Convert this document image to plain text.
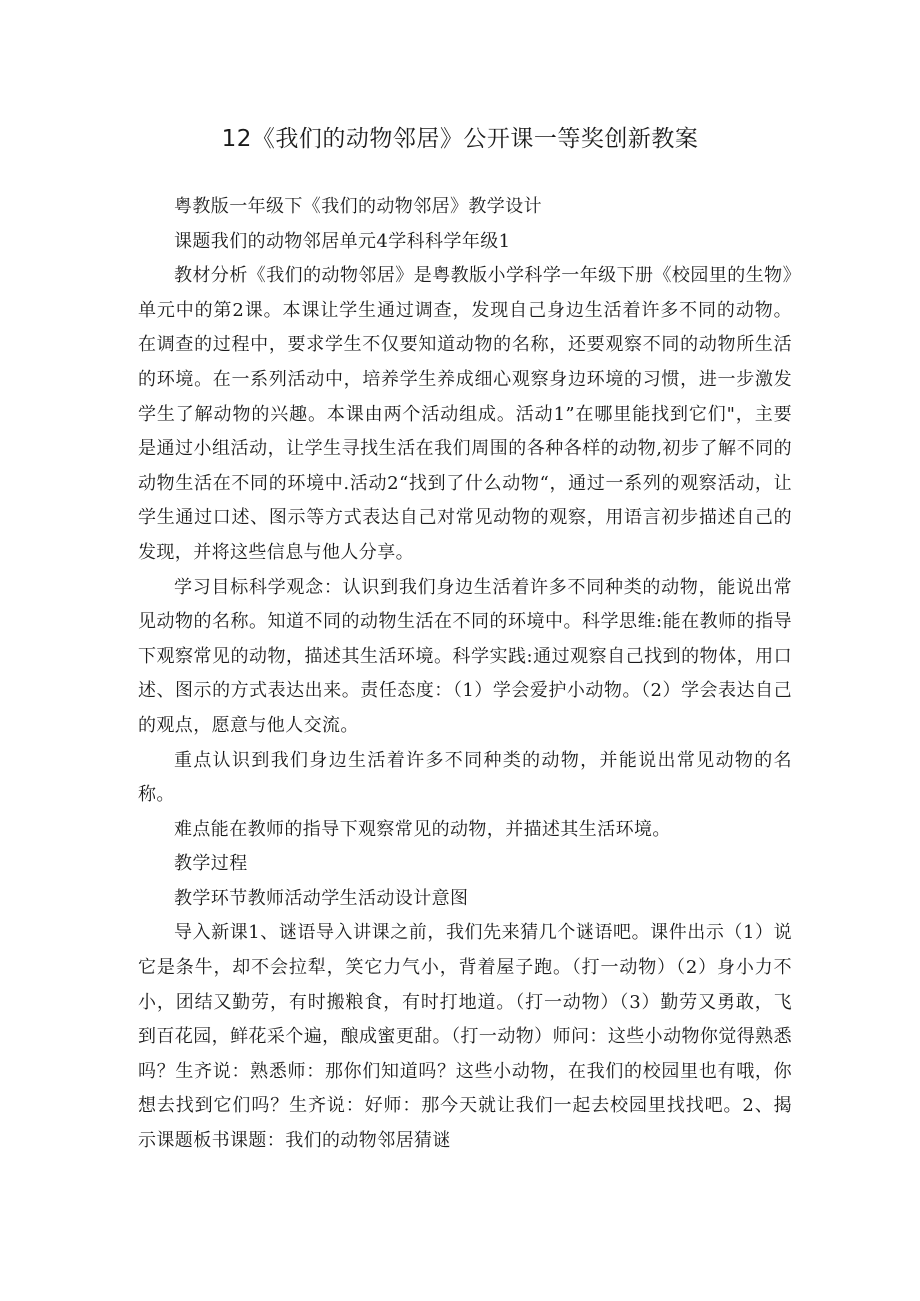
12《我们的动物邻居》公开课一等奖创新教案

粤教版一年级下《我们的动物邻居》教学设计

课题我们的动物邻居单元4学科科学年级1

教材分析《我们的动物邻居》是粤教版小学科学一年级下册《校园里的生物》单元中的第2课。本课让学生通过调查，发现自己身边生活着许多不同的动物。在调查的过程中，要求学生不仅要知道动物的名称，还要观察不同的动物所生活的环境。在一系列活动中，培养学生养成细心观察身边环境的习惯，进一步激发学生了解动物的兴趣。本课由两个活动组成。活动1”在哪里能找到它们"，主要是通过小组活动，让学生寻找生活在我们周围的各种各样的动物,初步了解不同的动物生活在不同的环境中.活动2“找到了什么动物“，通过一系列的观察活动，让学生通过口述、图示等方式表达自己对常见动物的观察，用语言初步描述自己的发现，并将这些信息与他人分享。

学习目标科学观念：认识到我们身边生活着许多不同种类的动物，能说出常见动物的名称。知道不同的动物生活在不同的环境中。科学思维:能在教师的指导下观察常见的动物，描述其生活环境。科学实践:通过观察自己找到的物体，用口述、图示的方式表达出来。责任态度：（1）学会爱护小动物。（2）学会表达自己的观点，愿意与他人交流。

重点认识到我们身边生活着许多不同种类的动物，并能说出常见动物的名称。

难点能在教师的指导下观察常见的动物，并描述其生活环境。

教学过程

教学环节教师活动学生活动设计意图

导入新课1、谜语导入讲课之前，我们先来猜几个谜语吧。课件出示（1）说它是条牛，却不会拉犁，笑它力气小，背着屋子跑。（打一动物）（2）身小力不小，团结又勤劳，有时搬粮食，有时打地道。（打一动物）（3）勤劳又勇敢，飞到百花园，鲜花采个遍，酿成蜜更甜。（打一动物）师问：这些小动物你觉得熟悉吗？生齐说：熟悉师：那你们知道吗？这些小动物，在我们的校园里也有哦，你想去找到它们吗？生齐说：好师：那今天就让我们一起去校园里找找吧。2、揭示课题板书课题：我们的动物邻居猜谜
